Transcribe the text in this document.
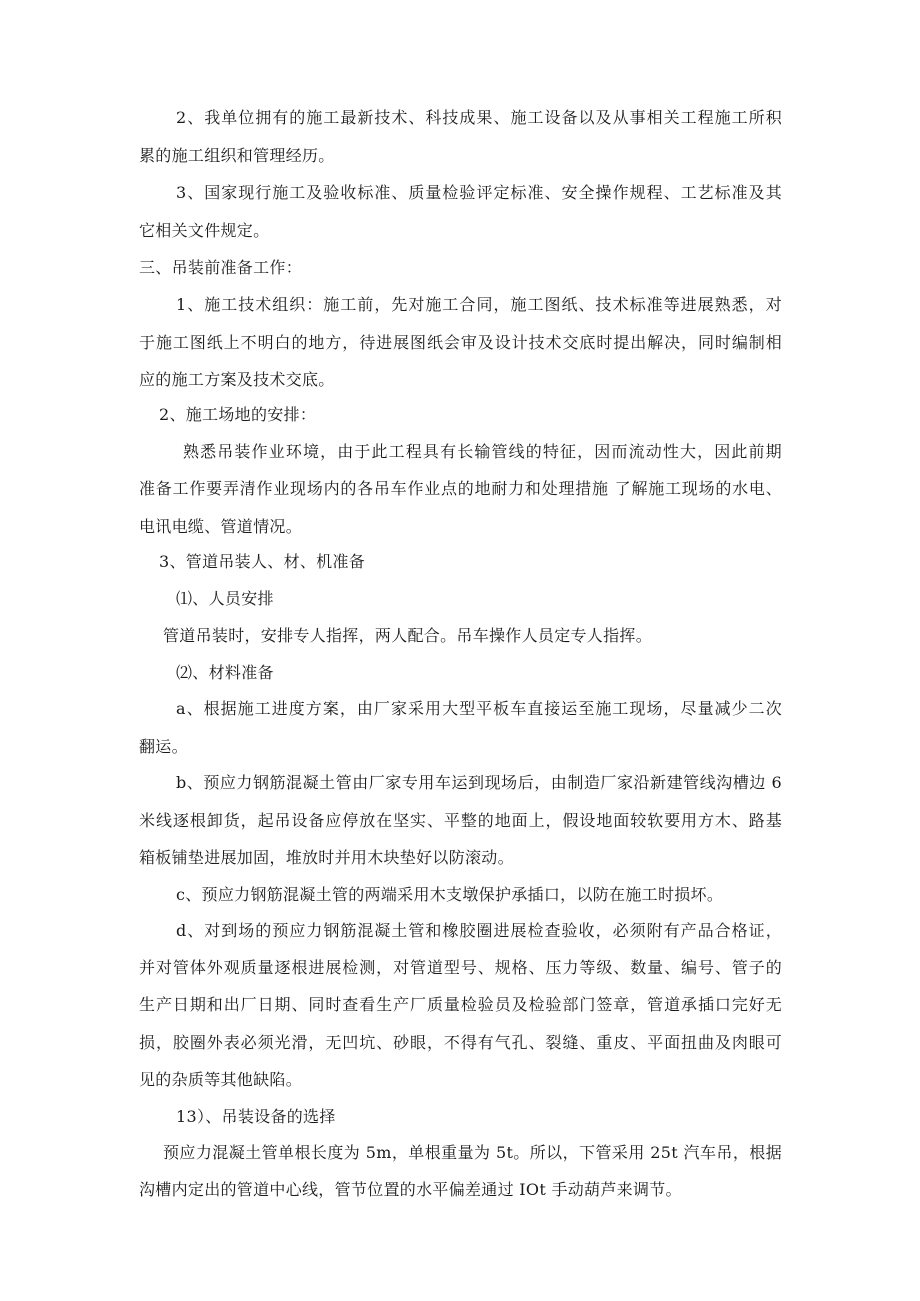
2、我单位拥有的施工最新技术、科技成果、施工设备以及从事相关工程施工所积
累的施工组织和管理经历。
3、国家现行施工及验收标准、质量检验评定标准、安全操作规程、工艺标准及其
它相关文件规定。
三、吊装前准备工作：
1、施工技术组织：施工前，先对施工合同，施工图纸、技术标准等进展熟悉，对
于施工图纸上不明白的地方，待进展图纸会审及设计技术交底时提出解决，同时编制相
应的施工方案及技术交底。
2、施工场地的安排：
熟悉吊装作业环境，由于此工程具有长输管线的特征，因而流动性大，因此前期
准备工作要弄清作业现场内的各吊车作业点的地耐力和处理措施 了解施工现场的水电、
电讯电缆、管道情况。
3、管道吊装人、材、机准备
⑴、人员安排
管道吊装时，安排专人指挥，两人配合。吊车操作人员定专人指挥。
⑵、材料准备
a、根据施工进度方案，由厂家采用大型平板车直接运至施工现场，尽量减少二次
翻运。
b、预应力钢筋混凝土管由厂家专用车运到现场后，由制造厂家沿新建管线沟槽边 6
米线逐根卸货，起吊设备应停放在坚实、平整的地面上，假设地面较软要用方木、路基
箱板铺垫进展加固，堆放时并用木块垫好以防滚动。
c、预应力钢筋混凝土管的两端采用木支墩保护承插口，以防在施工时损坏。
d、对到场的预应力钢筋混凝土管和橡胶圈进展检查验收，必须附有产品合格证，
并对管体外观质量逐根进展检测，对管道型号、规格、压力等级、数量、编号、管子的
生产日期和出厂日期、同时查看生产厂质量检验员及检验部门签章，管道承插口完好无
损，胶圈外表必须光滑，无凹坑、砂眼，不得有气孔、裂缝、重皮、平面扭曲及肉眼可
见的杂质等其他缺陷。
13）、吊装设备的选择
预应力混凝土管单根长度为 5m，单根重量为 5t。所以，下管采用 25t 汽车吊，根据
沟槽内定出的管道中心线，管节位置的水平偏差通过 IOt 手动葫芦来调节。
